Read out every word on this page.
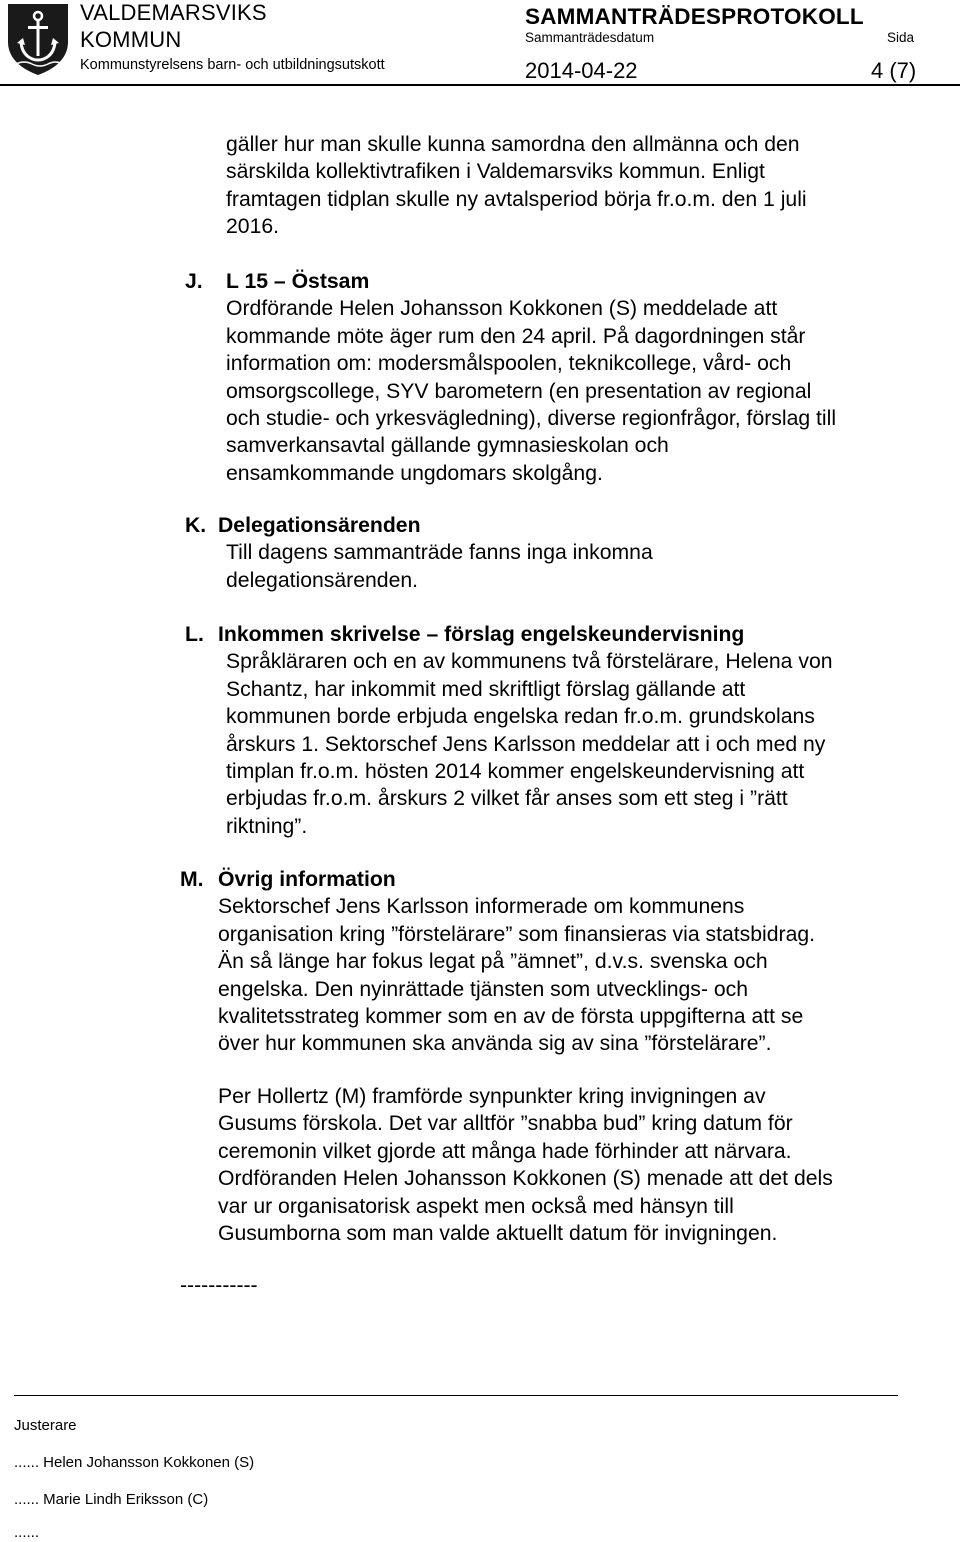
VALDEMARSVIKS
KOMMUN
Kommunstyrelsens barn- och utbildningsutskott
SAMMANTRÄDESPROTOKOLL
Sammanträdesdatum	Sida
2014-04-22	4 (7)
gäller hur man skulle kunna samordna den allmänna och den
särskilda kollektivtrafiken i Valdemarsviks kommun. Enligt
framtagen tidplan skulle ny avtalsperiod börja fr.o.m. den 1 juli
2016.
J. L 15 – Östsam
Ordförande Helen Johansson Kokkonen (S) meddelade att
kommande möte äger rum den 24 april. På dagordningen står
information om: modersmålspoolen, teknikcollege, vård- och
omsorgscollege, SYV barometern (en presentation av regional
och studie- och yrkesvägledning), diverse regionfrågor, förslag till
samverkansavtal gällande gymnasieskolan och
ensamkommande ungdomars skolgång.
K. Delegationsärenden
Till dagens sammanträde fanns inga inkomna
delegationsärenden.
L. Inkommen skrivelse – förslag engelskeundervisning
Språkläraren och en av kommunens två förstelärare, Helena von
Schantz, har inkommit med skriftligt förslag gällande att
kommunen borde erbjuda engelska redan fr.o.m. grundskolans
årskurs 1. Sektorschef Jens Karlsson meddelar att i och med ny
timplan fr.o.m. hösten 2014 kommer engelskeundervisning att
erbjudas fr.o.m. årskurs 2 vilket får anses som ett steg i ”rätt
riktning”.
M. Övrig information
Sektorschef Jens Karlsson informerade om kommunens
organisation kring ”förstelärare” som finansieras via statsbidrag.
Än så länge har fokus legat på ”ämnet”, d.v.s. svenska och
engelska. Den nyinrättade tjänsten som utvecklings- och
kvalitetsstrateg kommer som en av de första uppgifterna att se
över hur kommunen ska använda sig av sina ”förstelärare”.
Per Hollertz (M) framförde synpunkter kring invigningen av
Gusums förskola. Det var alltför ”snabba bud” kring datum för
ceremonin vilket gjorde att många hade förhinder att närvara.
Ordföranden Helen Johansson Kokkonen (S) menade att det dels
var ur organisatorisk aspekt men också med hänsyn till
Gusumborna som man valde aktuellt datum för invigningen.
-----------
Justerare
...... Helen Johansson Kokkonen (S)
...... Marie Lindh Eriksson (C)
......
